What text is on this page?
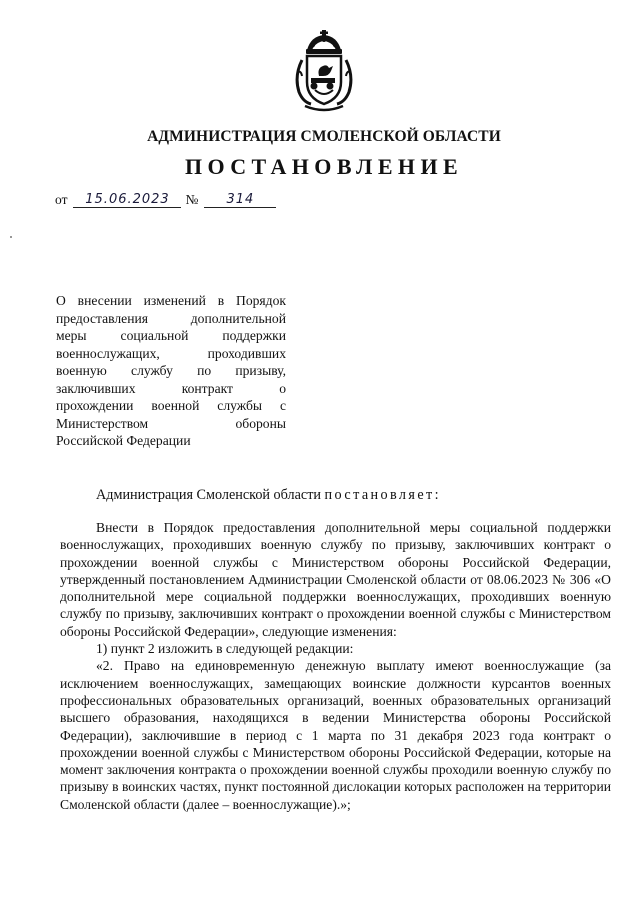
АДМИНИСТРАЦИЯ СМОЛЕНСКОЙ ОБЛАСТИ
ПОСТАНОВЛЕНИЕ
от	15.06.2023	№	314
О внесении изменений в Порядок
предоставления дополнительной
меры социальной поддержки
военнослужащих, проходивших
военную службу по призыву,
заключивших контракт о
прохождении военной службы с
Министерством обороны
Российской Федерации
Администрация Смоленской области постановляет:

Внести в Порядок предоставления дополнительной меры социальной поддержки военнослужащих, проходивших военную службу по призыву, заключивших контракт о прохождении военной службы с Министерством обороны Российской Федерации, утвержденный постановлением Администрации Смоленской области от 08.06.2023 № 306 «О дополнительной мере социальной поддержки военнослужащих, проходивших военную службу по призыву, заключивших контракт о прохождении военной службы с Министерством обороны Российской Федерации», следующие изменения:

1) пункт 2 изложить в следующей редакции:

«2. Право на единовременную денежную выплату имеют военнослужащие (за исключением военнослужащих, замещающих воинские должности курсантов военных профессиональных образовательных организаций, военных образовательных организаций высшего образования, находящихся в ведении Министерства обороны Российской Федерации), заключившие в период с 1 марта по 31 декабря 2023 года контракт о прохождении военной службы с Министерством обороны Российской Федерации, которые на момент заключения контракта о прохождении военной службы проходили военную службу по призыву в воинских частях, пункт постоянной дислокации которых расположен на территории Смоленской области (далее – военнослужащие).»;
